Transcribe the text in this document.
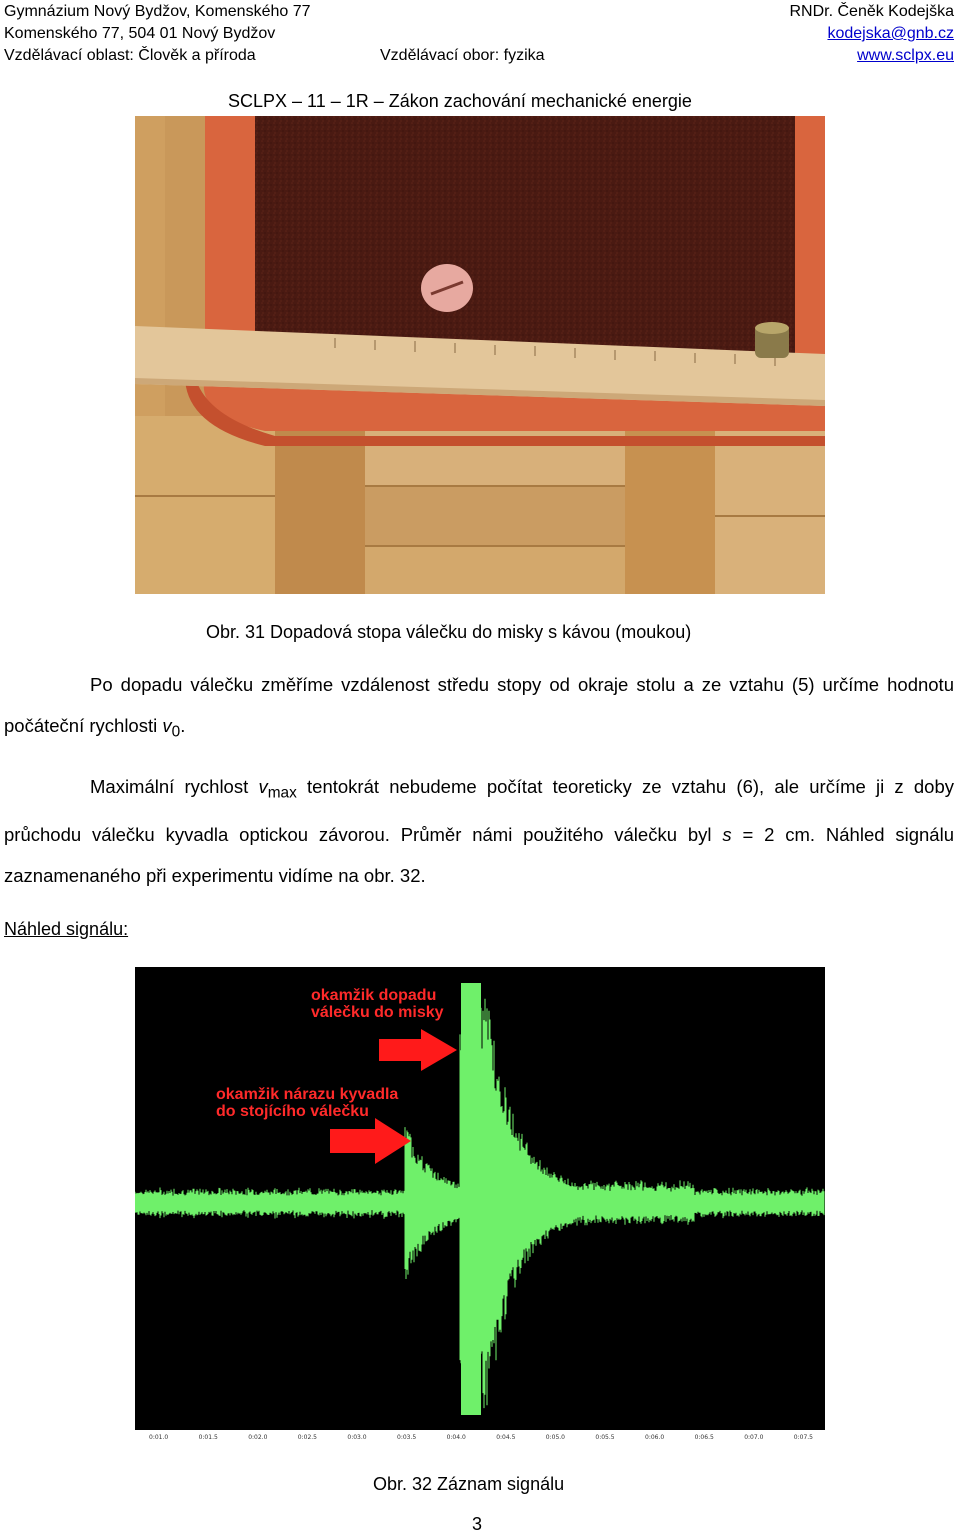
Gymnázium Nový Bydžov, Komenského 77
Komenského 77, 504 01 Nový Bydžov
Vzdělávací oblast: Člověk a příroda	Vzdělávací obor: fyzika
RNDr. Čeněk Kodejška
kodejska@gnb.cz
www.sclpx.eu
SCLPX – 11 – 1R – Zákon zachování mechanické energie
Obr. 31 Dopadová stopa válečku do misky s kávou (moukou)

Po dopadu válečku změříme vzdálenost středu stopy od okraje stolu a ze vztahu (5) určíme hodnotu počáteční rychlosti $v_0$.

Maximální rychlost $v_{max}$ tentokrát nebudeme počítat teoreticky ze vztahu (6), ale určíme ji z doby průchodu válečku kyvadla optickou závorou. Průměr námi použitého válečku byl s = 2 cm. Náhled signálu zaznamenaného při experimentu vidíme na obr. 32.

Náhled signálu:
okamžik dopadu
válečku do misky
okamžik nárazu kyvadla
do stojícího válečku
0:01.0	0:01.5	0:02.0	0:02.5	0:03.0	0:03.5	0:04.0	0:04.5	0:05.0	0:05.5	0:06.0	0:06.5	0:07.0	0:07.5
Obr. 32 Záznam signálu
3
